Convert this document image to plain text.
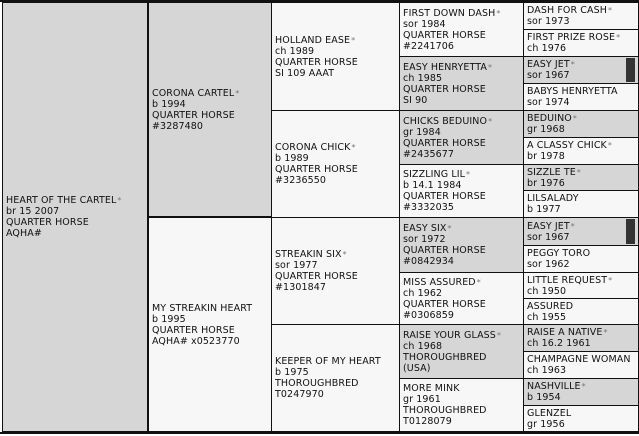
HEART OF THE CARTEL*
br 15 2007
QUARTER HORSE
AQHA#
CORONA CARTEL*
b 1994
QUARTER HORSE
#3287480
MY STREAKIN HEART
b 1995
QUARTER HORSE
AQHA# x0523770
HOLLAND EASE*
ch 1989
QUARTER HORSE
SI 109 AAAT
CORONA CHICK*
b 1989
QUARTER HORSE
#3236550
STREAKIN SIX*
sor 1977
QUARTER HORSE
#1301847
KEEPER OF MY HEART
b 1975
THOROUGHBRED
T0247970
FIRST DOWN DASH*
sor 1984
QUARTER HORSE
#2241706
EASY HENRYETTA*
ch 1985
QUARTER HORSE
SI 90
CHICKS BEDUINO*
gr 1984
QUARTER HORSE
#2435677
SIZZLING LIL*
b 14.1 1984
QUARTER HORSE
#3332035
EASY SIX*
sor 1972
QUARTER HORSE
#0842934
MISS ASSURED*
ch 1962
QUARTER HORSE
#0306859
RAISE YOUR GLASS*
ch 1968
THOROUGHBRED
(USA)
MORE MINK
gr 1961
THOROUGHBRED
T0128079
DASH FOR CASH*
sor 1973
FIRST PRIZE ROSE*
ch 1976
EASY JET*
sor 1967
BABYS HENRYETTA
sor 1974
BEDUINO*
gr 1968
A CLASSY CHICK*
br 1978
SIZZLE TE*
br 1976
LILSALADY
b 1977
EASY JET*
sor 1967
PEGGY TORO
sor 1962
LITTLE REQUEST*
ch 1950
ASSURED
ch 1955
RAISE A NATIVE*
ch 16.2 1961
CHAMPAGNE WOMAN
ch 1963
NASHVILLE*
b 1954
GLENZEL
gr 1956
